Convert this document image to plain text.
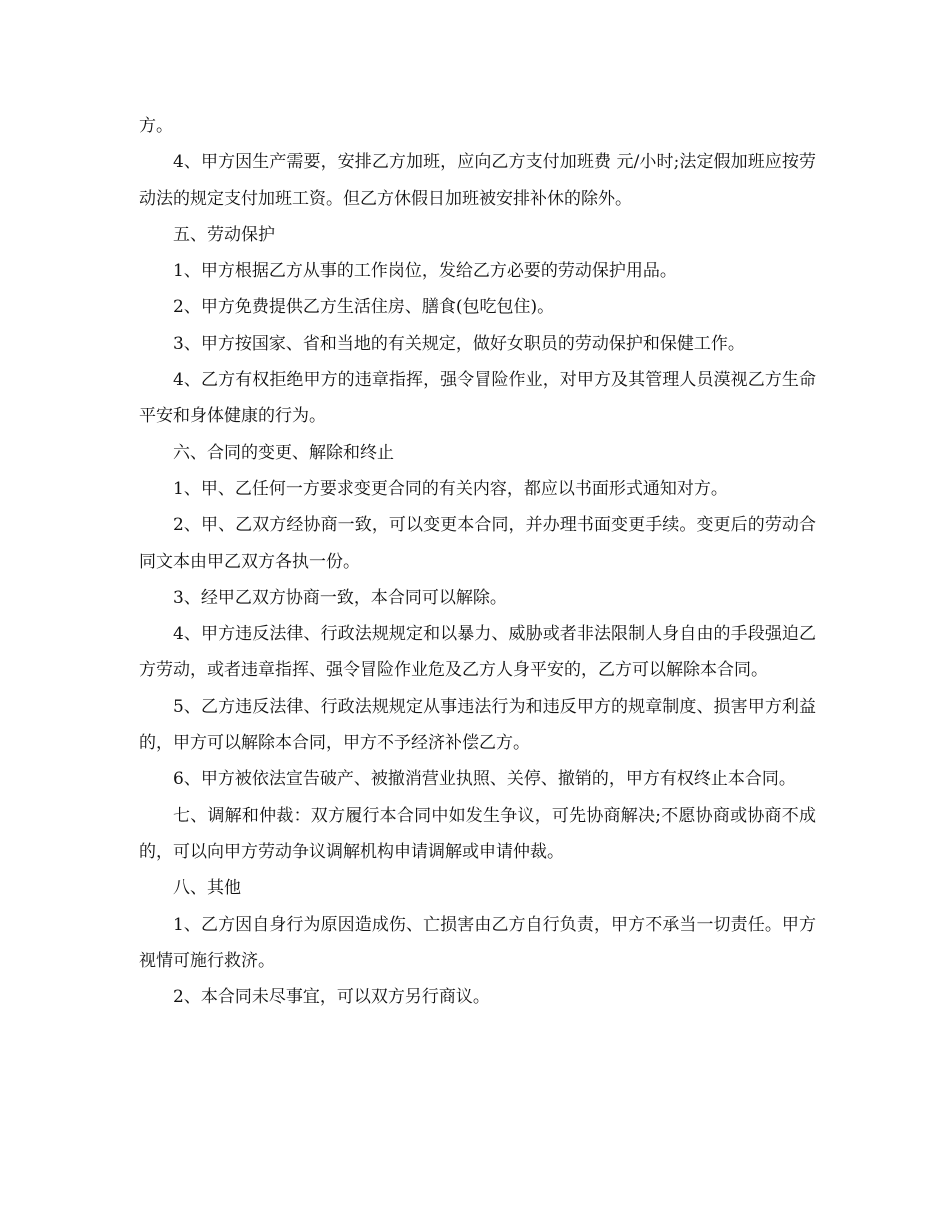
方。

4、甲方因生产需要，安排乙方加班，应向乙方支付加班费 元/小时;法定假加班应按劳动法的规定支付加班工资。但乙方休假日加班被安排补休的除外。

五、劳动保护

1、甲方根据乙方从事的工作岗位，发给乙方必要的劳动保护用品。

2、甲方免费提供乙方生活住房、膳食(包吃包住)。

3、甲方按国家、省和当地的有关规定，做好女职员的劳动保护和保健工作。

4、乙方有权拒绝甲方的违章指挥，强令冒险作业，对甲方及其管理人员漠视乙方生命平安和身体健康的行为。

六、合同的变更、解除和终止

1、甲、乙任何一方要求变更合同的有关内容，都应以书面形式通知对方。

2、甲、乙双方经协商一致，可以变更本合同，并办理书面变更手续。变更后的劳动合同文本由甲乙双方各执一份。

3、经甲乙双方协商一致，本合同可以解除。

4、甲方违反法律、行政法规规定和以暴力、威胁或者非法限制人身自由的手段强迫乙方劳动，或者违章指挥、强令冒险作业危及乙方人身平安的，乙方可以解除本合同。

5、乙方违反法律、行政法规规定从事违法行为和违反甲方的规章制度、损害甲方利益的，甲方可以解除本合同，甲方不予经济补偿乙方。

6、甲方被依法宣告破产、被撤消营业执照、关停、撤销的，甲方有权终止本合同。

七、调解和仲裁：双方履行本合同中如发生争议，可先协商解决;不愿协商或协商不成的，可以向甲方劳动争议调解机构申请调解或申请仲裁。

八、其他

1、乙方因自身行为原因造成伤、亡损害由乙方自行负责，甲方不承当一切责任。甲方视情可施行救济。

2、本合同未尽事宜，可以双方另行商议。
